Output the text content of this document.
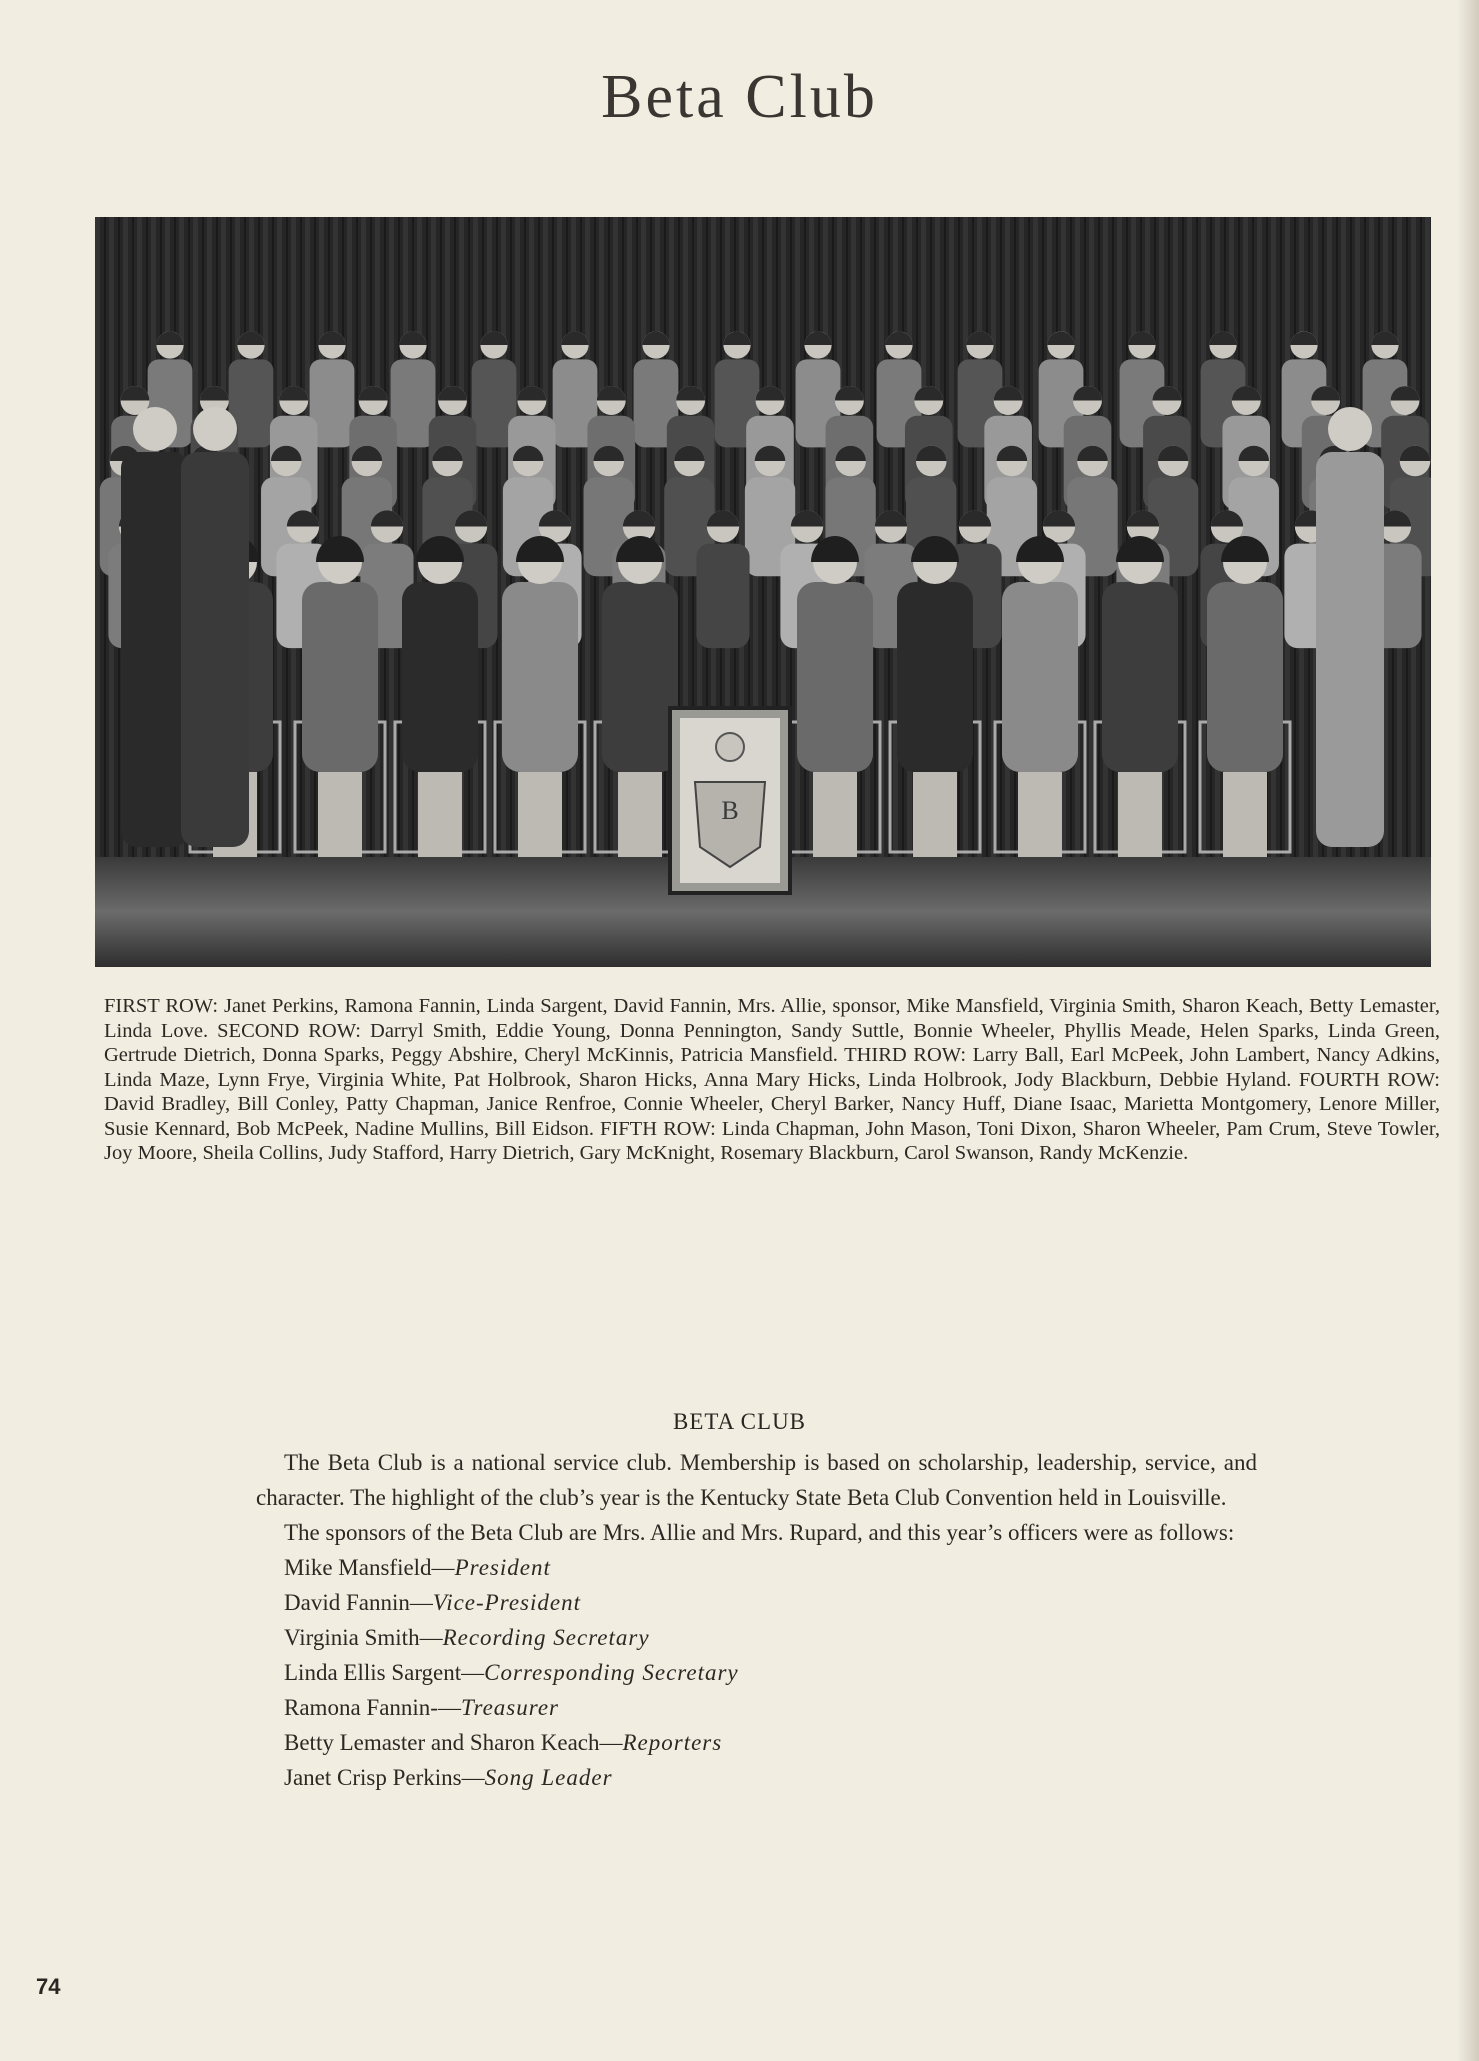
Beta Club
B
FIRST ROW: Janet Perkins, Ramona Fannin, Linda Sargent, David Fannin, Mrs. Allie, sponsor, Mike Mansfield, Virginia Smith, Sharon Keach, Betty Lemaster, Linda Love. SECOND ROW: Darryl Smith, Eddie Young, Donna Pennington, Sandy Suttle, Bonnie Wheeler, Phyllis Meade, Helen Sparks, Linda Green, Gertrude Dietrich, Donna Sparks, Peggy Abshire, Cheryl McKinnis, Patricia Mansfield. THIRD ROW: Larry Ball, Earl McPeek, John Lambert, Nancy Adkins, Linda Maze, Lynn Frye, Virginia White, Pat Holbrook, Sharon Hicks, Anna Mary Hicks, Linda Holbrook, Jody Blackburn, Debbie Hyland. FOURTH ROW: David Bradley, Bill Conley, Patty Chapman, Janice Renfroe, Connie Wheeler, Cheryl Barker, Nancy Huff, Diane Isaac, Marietta Montgomery, Lenore Miller, Susie Kennard, Bob McPeek, Nadine Mullins, Bill Eidson. FIFTH ROW: Linda Chapman, John Mason, Toni Dixon, Sharon Wheeler, Pam Crum, Steve Towler, Joy Moore, Sheila Collins, Judy Stafford, Harry Dietrich, Gary McKnight, Rosemary Blackburn, Carol Swanson, Randy McKenzie.
BETA CLUB

The Beta Club is a national service club. Membership is based on scholarship, leadership, service, and character. The highlight of the club’s year is the Kentucky State Beta Club Convention held in Louisville.

The sponsors of the Beta Club are Mrs. Allie and Mrs. Rupard, and this year’s officers were as follows:

Mike Mansfield—President
David Fannin—Vice-President
Virginia Smith—Recording Secretary
Linda Ellis Sargent—Corresponding Secretary
Ramona Fannin-—Treasurer
Betty Lemaster and Sharon Keach—Reporters
Janet Crisp Perkins—Song Leader
74
